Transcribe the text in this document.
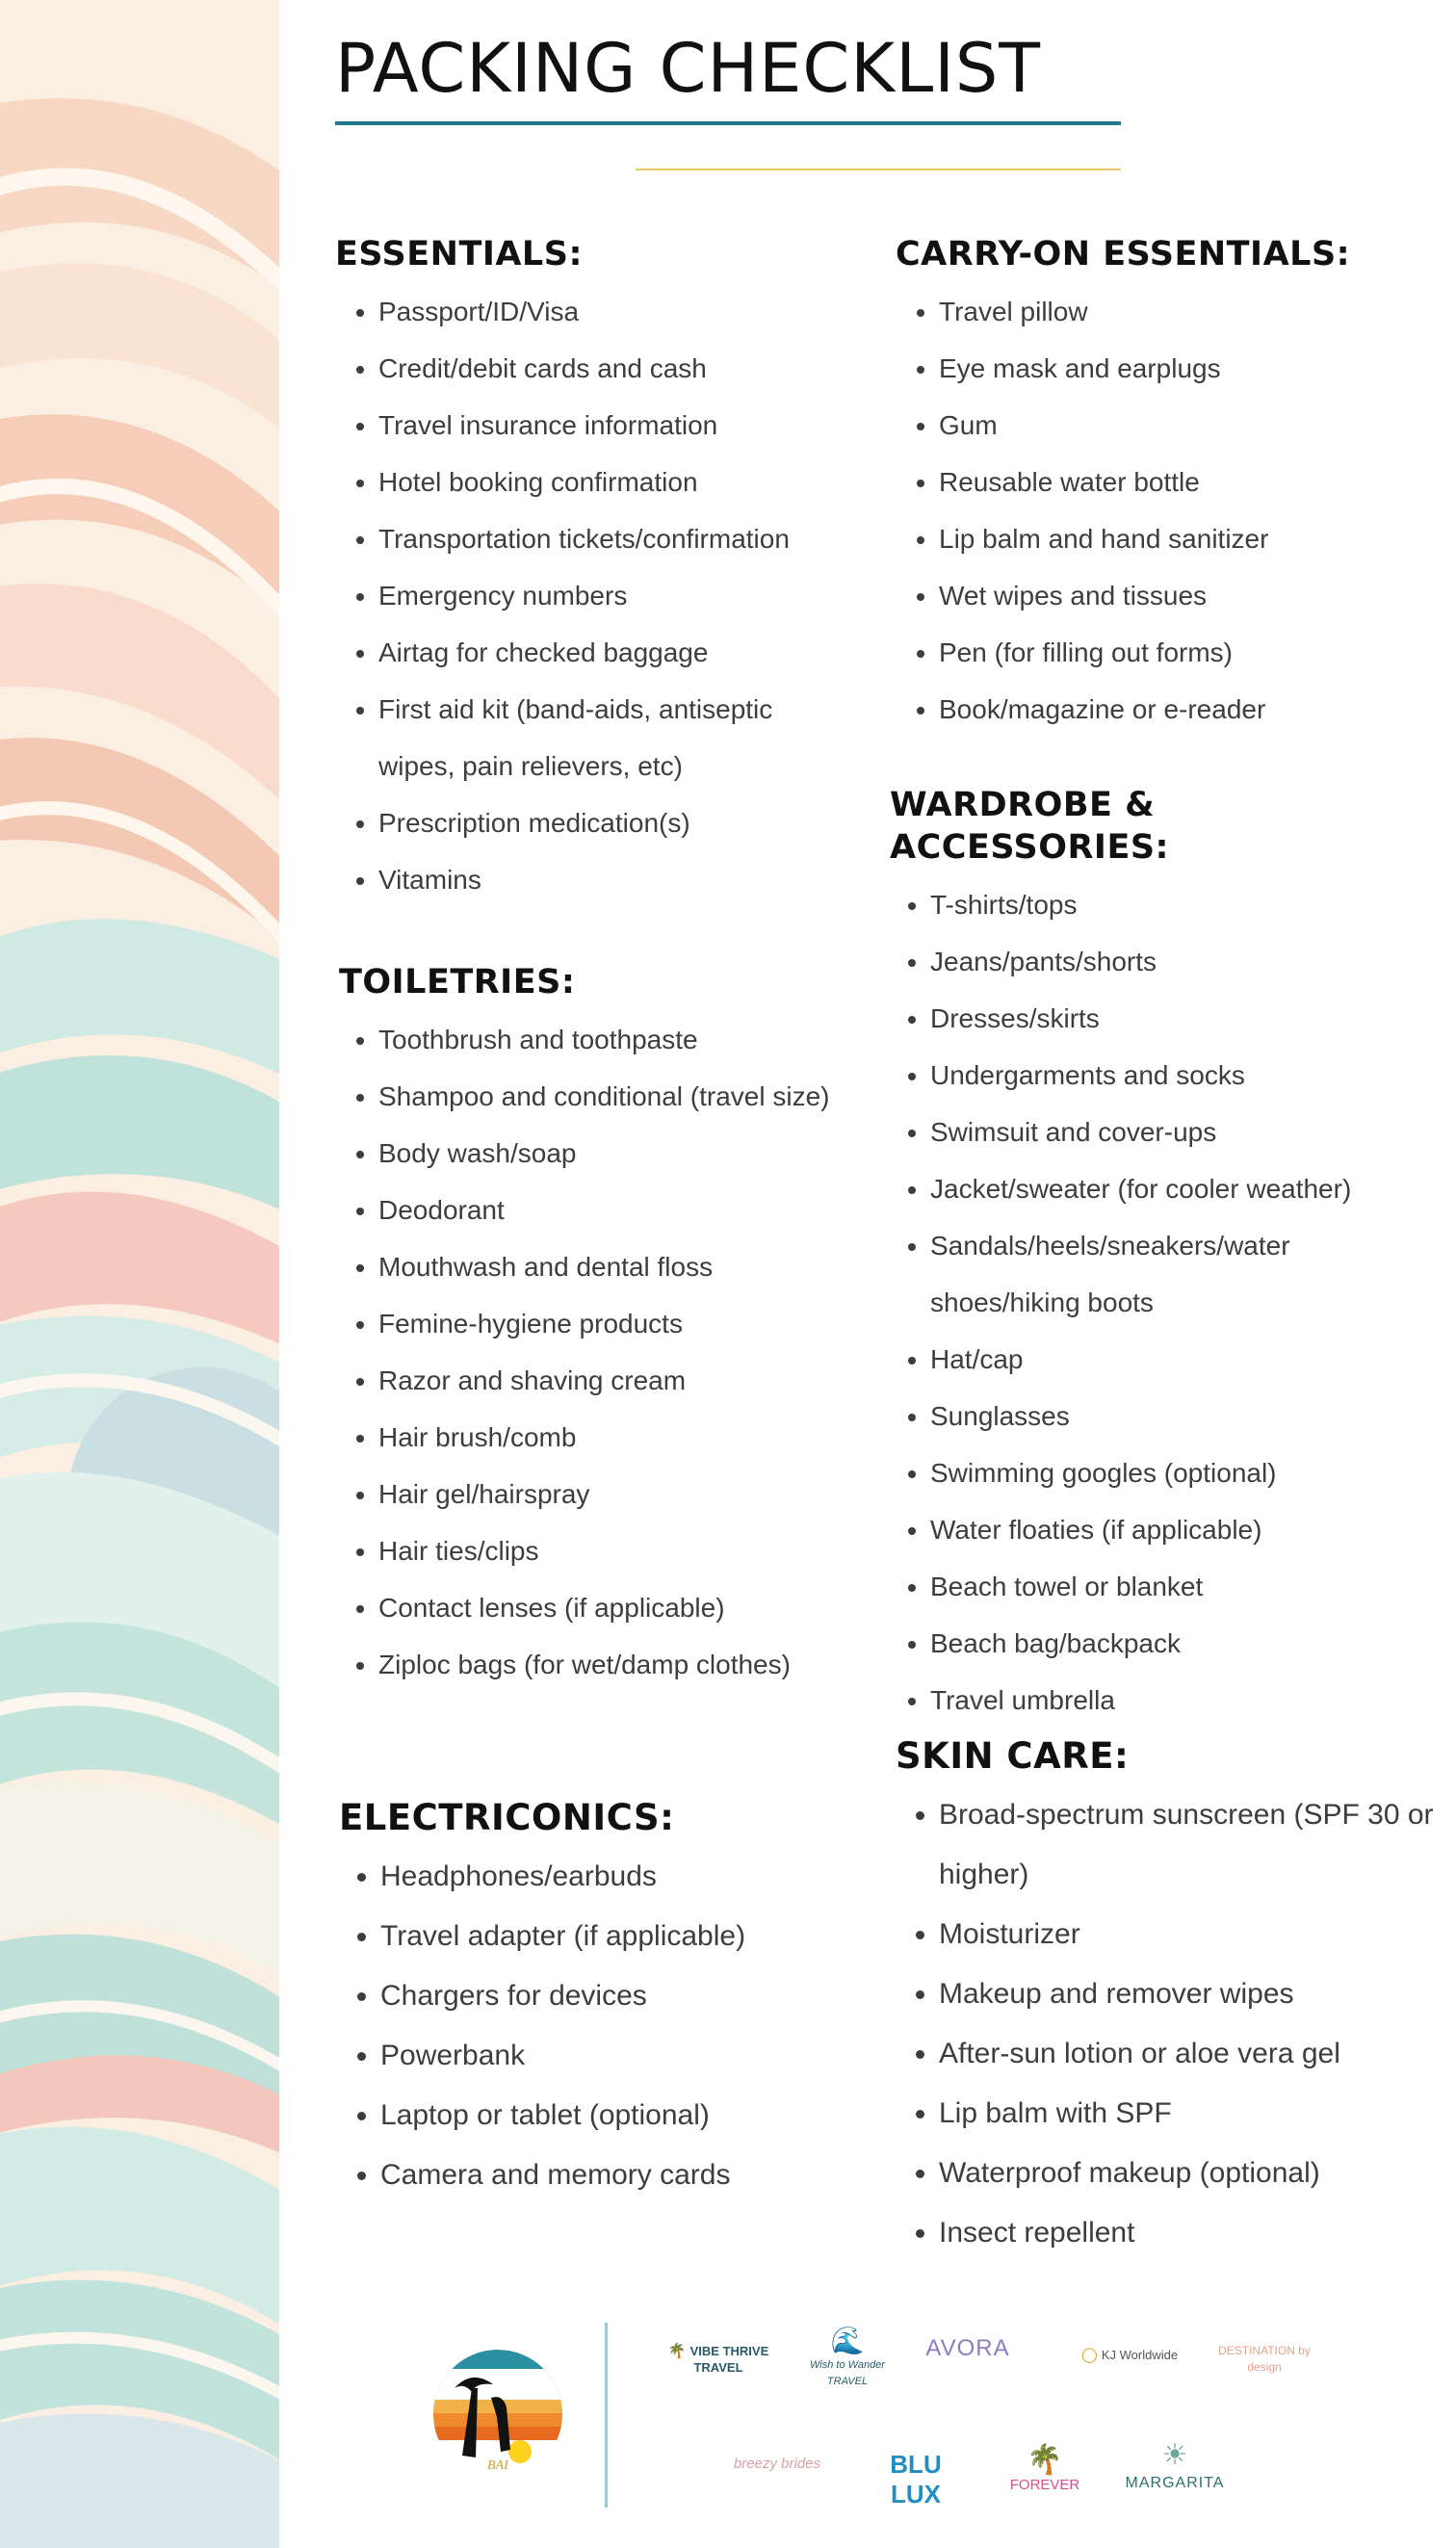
PACKING CHECKLIST
ESSENTIALS:
• Passport/ID/Visa
• Credit/debit cards and cash
• Travel insurance information
• Hotel booking confirmation
• Transportation tickets/confirmation
• Emergency numbers
• Airtag for checked baggage
• First aid kit (band-aids, antiseptic wipes, pain relievers, etc)
• Prescription medication(s)
• Vitamins
TOILETRIES:
• Toothbrush and toothpaste
• Shampoo and conditional (travel size)
• Body wash/soap
• Deodorant
• Mouthwash and dental floss
• Femine-hygiene products
• Razor and shaving cream
• Hair brush/comb
• Hair gel/hairspray
• Hair ties/clips
• Contact lenses (if applicable)
• Ziploc bags (for wet/damp clothes)
ELECTRICONICS:
• Headphones/earbuds
• Travel adapter (if applicable)
• Chargers for devices
• Powerbank
• Laptop or tablet (optional)
• Camera and memory cards
CARRY-ON ESSENTIALS:
• Travel pillow
• Eye mask and earplugs
• Gum
• Reusable water bottle
• Lip balm and hand sanitizer
• Wet wipes and tissues
• Pen (for filling out forms)
• Book/magazine or e-reader
WARDROBE & ACCESSORIES:
• T-shirts/tops
• Jeans/pants/shorts
• Dresses/skirts
• Undergarments and socks
• Swimsuit and cover-ups
• Jacket/sweater (for cooler weather)
• Sandals/heels/sneakers/water shoes/hiking boots
• Hat/cap
• Sunglasses
• Swimming googles (optional)
• Water floaties (if applicable)
• Beach towel or blanket
• Beach bag/backpack
• Travel umbrella
SKIN CARE:
• Broad-spectrum sunscreen (SPF 30 or higher)
• Moisturizer
• Makeup and remover wipes
• After-sun lotion or aloe vera gel
• Lip balm with SPF
• Waterproof makeup (optional)
• Insect repellent
BAI
🌴 VIBE THRIVE TRAVEL
🌊
Wish to Wander TRAVEL
AVORA	◯ KJ Worldwide	DESTINATION by design
breezy brides	BLU LUX
🌴
FOREVER
☀
MARGARITA
